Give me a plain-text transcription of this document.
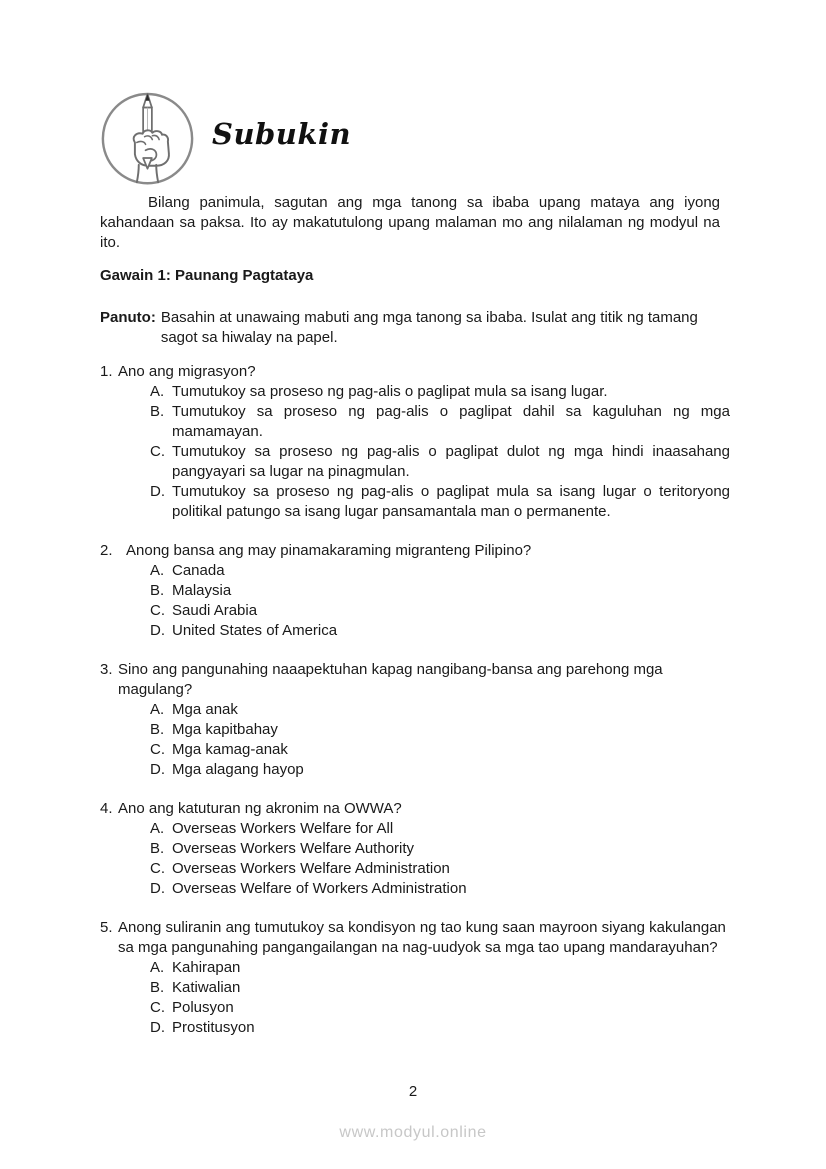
Subukin

Bilang panimula, sagutan ang mga tanong sa ibaba upang mataya ang iyong kahandaan sa paksa. Ito ay makatutulong upang malaman mo ang nilalaman ng modyul na ito.

Gawain 1: Paunang Pagtataya
Panuto: Basahin at unawaing mabuti ang mga tanong sa ibaba. Isulat ang titik ng tamang sagot sa hiwalay na papel.
1. Ano ang migrasyon?
A. Tumutukoy sa proseso ng pag-alis o paglipat mula sa isang lugar.
B. Tumutukoy sa proseso ng pag-alis o paglipat dahil sa kaguluhan ng mga mamamayan.
C. Tumutukoy sa proseso ng pag-alis o paglipat dulot ng mga hindi inaasahang pangyayari sa lugar na pinagmulan.
D. Tumutukoy sa proseso ng pag-alis o paglipat mula sa isang lugar o teritoryong politikal patungo sa isang lugar pansamantala man o permanente.
2. Anong bansa ang may pinamakaraming migranteng Pilipino?
A. Canada
B. Malaysia
C. Saudi Arabia
D. United States of America
3. Sino ang pangunahing naaapektuhan kapag nangibang-bansa ang parehong mga magulang?
A. Mga anak
B. Mga kapitbahay
C. Mga kamag-anak
D. Mga alagang hayop
4. Ano ang katuturan ng akronim na OWWA?
A. Overseas Workers Welfare for All
B. Overseas Workers Welfare Authority
C. Overseas Workers Welfare Administration
D. Overseas Welfare of Workers Administration
5. Anong suliranin ang tumutukoy sa kondisyon ng tao kung saan mayroon siyang kakulangan sa mga pangunahing pangangailangan na nag-uudyok sa mga tao upang mandarayuhan?
A. Kahirapan
B. Katiwalian
C. Polusyon
D. Prostitusyon
2
www.modyul.online
